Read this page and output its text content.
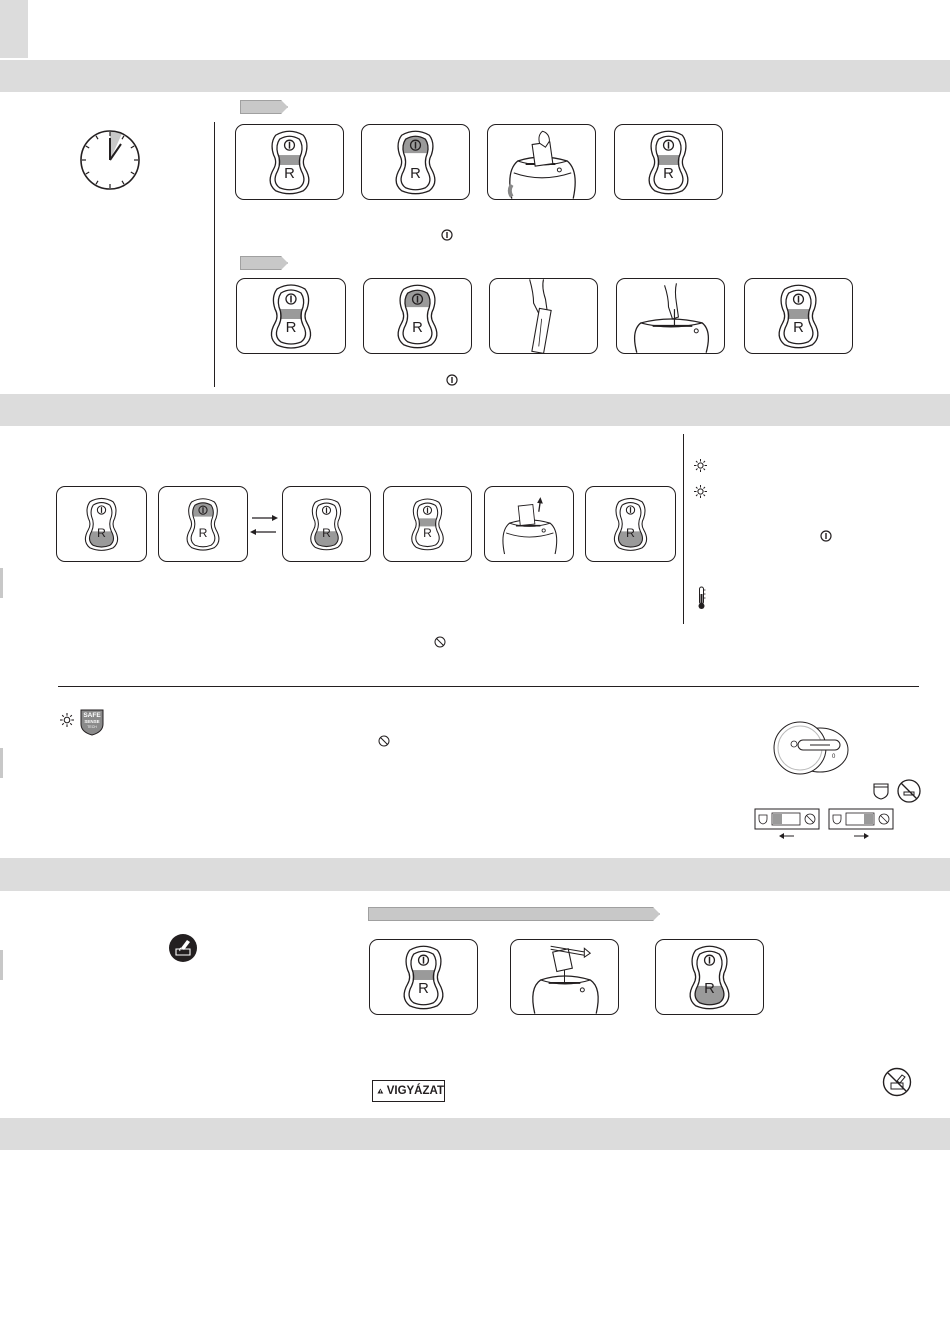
SAFE
SENSE
TECH
0
VIGYÁZAT
